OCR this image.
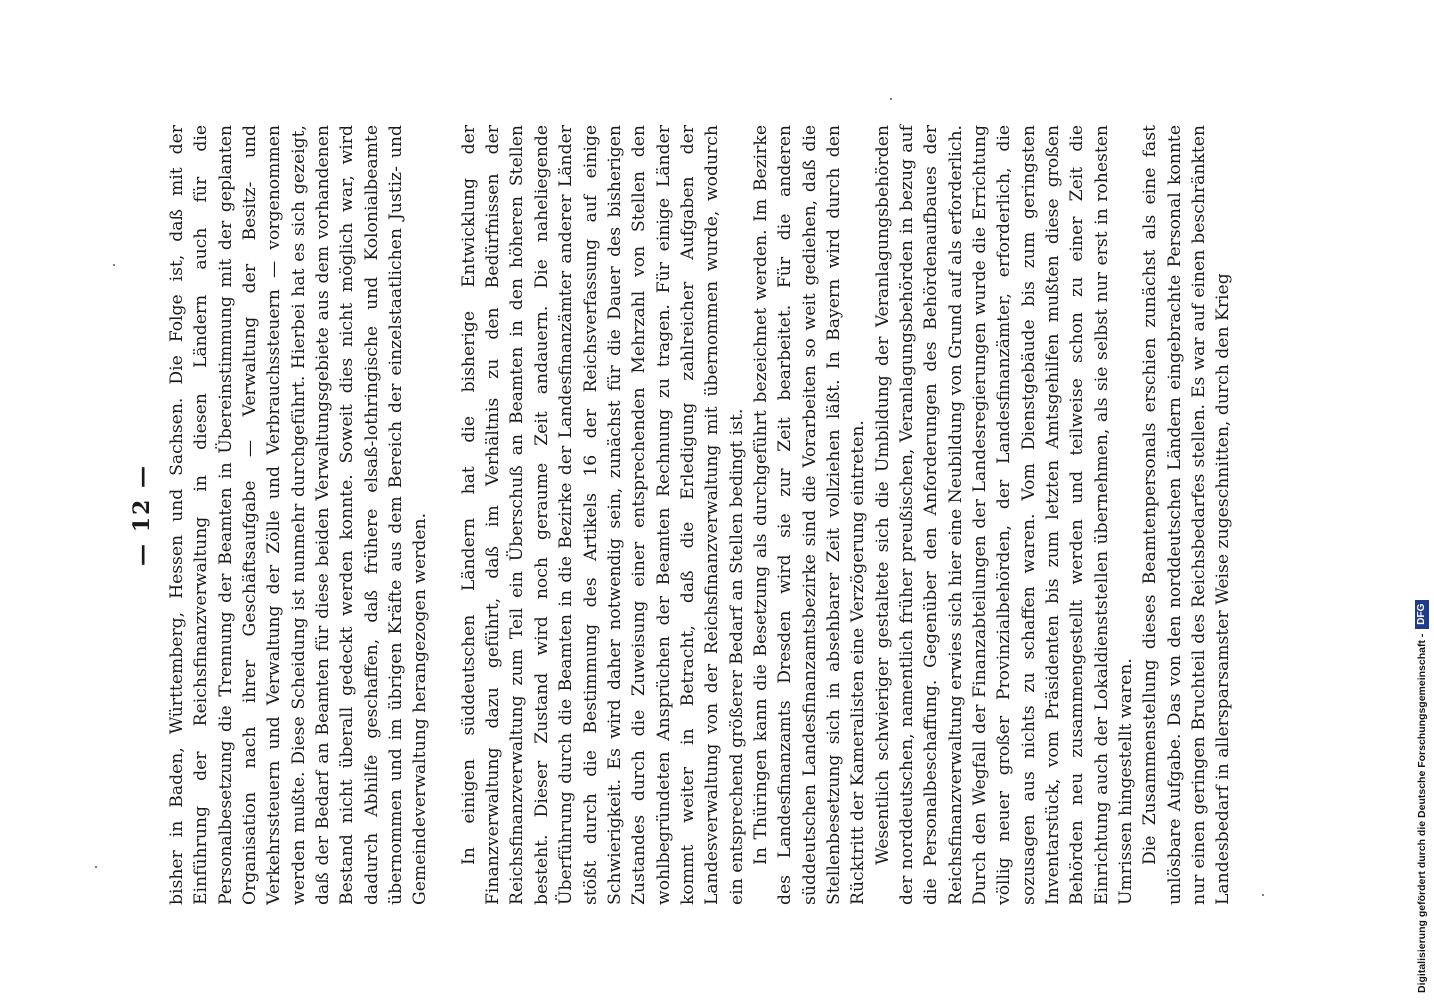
— 12 — bisher in Baden, Württemberg, Hessen und Sachsen. Die Folge ist, daß mit der Einführung der Reichsfinanzverwaltung in diesen Ländern auch für die Personalbesetzung die Trennung der Beamten in Übereinstimmung mit der geplanten Organisation nach ihrer Geschäftsaufgabe — Verwaltung der Besitz- und Verkehrssteuern und Verwaltung der Zölle und Verbrauchssteuern — vorgenommen werden mußte. Diese Scheidung ist nunmehr durchgeführt. Hierbei hat es sich gezeigt, daß der Bedarf an Beamten für diese beiden Verwaltungsgebiete aus dem vorhandenen Bestand nicht überall gedeckt werden konnte. Soweit dies nicht möglich war, wird dadurch Abhilfe geschaffen, daß frühere elsaß-lothringische und Kolonialbeamte übernommen und im übrigen Kräfte aus dem Bereich der einzelstaatlichen Justiz- und Gemeindeverwaltung herangezogen werden. In einigen süddeutschen Ländern hat die bisherige Entwicklung der Finanzverwaltung dazu geführt, daß im Verhältnis zu den Bedürfnissen der Reichsfinanzverwaltung zum Teil ein Überschuß an Beamten in den höheren Stellen besteht. Dieser Zustand wird noch geraume Zeit andauern. Die naheliegende Überführung durch die Beamten in die Bezirke der Landesfinanzämter anderer Länder stößt durch die Bestimmung des Artikels 16 der Reichsverfassung auf einige Schwierigkeit. Es wird daher notwendig sein, zunächst für die Dauer des bisherigen Zustandes durch die Zuweisung einer entsprechenden Mehrzahl von Stellen den wohlbegründeten Ansprüchen der Beamten Rechnung zu tragen. Für einige Länder kommt weiter in Betracht, daß die Erledigung zahlreicher Aufgaben der Landesverwaltung von der Reichsfinanzverwaltung mit übernommen wurde, wodurch ein entsprechend größerer Bedarf an Stellen bedingt ist. In Thüringen kann die Besetzung als durchgeführt bezeichnet werden. Im Bezirke des Landesfinanzamts Dresden wird sie zur Zeit bearbeitet. Für die anderen süddeutschen Landesfinanzamtsbezirke sind die Vorarbeiten so weit gediehen, daß die Stellenbesetzung sich in absehbarer Zeit vollziehen läßt. In Bayern wird durch den Rücktritt der Kameralisten eine Verzögerung eintreten. Wesentlich schwieriger gestaltete sich die Umbildung der Veranlagungsbehörden der norddeutschen, namentlich früher preußischen, Veranlagungsbehörden in bezug auf die Personalbeschaffung. Gegenüber den Anforderungen des Behördenaufbaues der Reichsfinanzverwaltung erwies sich hier eine Neubildung von Grund auf als erforderlich. Durch den Wegfall der Finanzabteilungen der Landesregierungen wurde die Errichtung völlig neuer großer Provinzialbehörden, der Landesfinanzämter, erforderlich, die sozusagen aus nichts zu schaffen waren. Vom Dienstgebäude bis zum geringsten Inventarstück, vom Präsidenten bis zum letzten Amtsgehilfen mußten diese großen Behörden neu zusammengestellt werden und teilweise schon zu einer Zeit die Einrichtung auch der Lokaldienststellen übernehmen, als sie selbst nur erst in rohesten Umrissen hingestellt waren. Die Zusammenstellung dieses Beamtenpersonals erschien zunächst als eine fast unlösbare Aufgabe. Das von den norddeutschen Ländern eingebrachte Personal konnte nur einen geringen Bruchteil des Reichsbedarfes stellen. Es war auf einen beschränkten Landesbedarf in allersparsamster Weise zugeschnitten, durch den Krieg	Digitalisierung gefördert durch die Deutsche Forschungsgemeinschaft - DFG
